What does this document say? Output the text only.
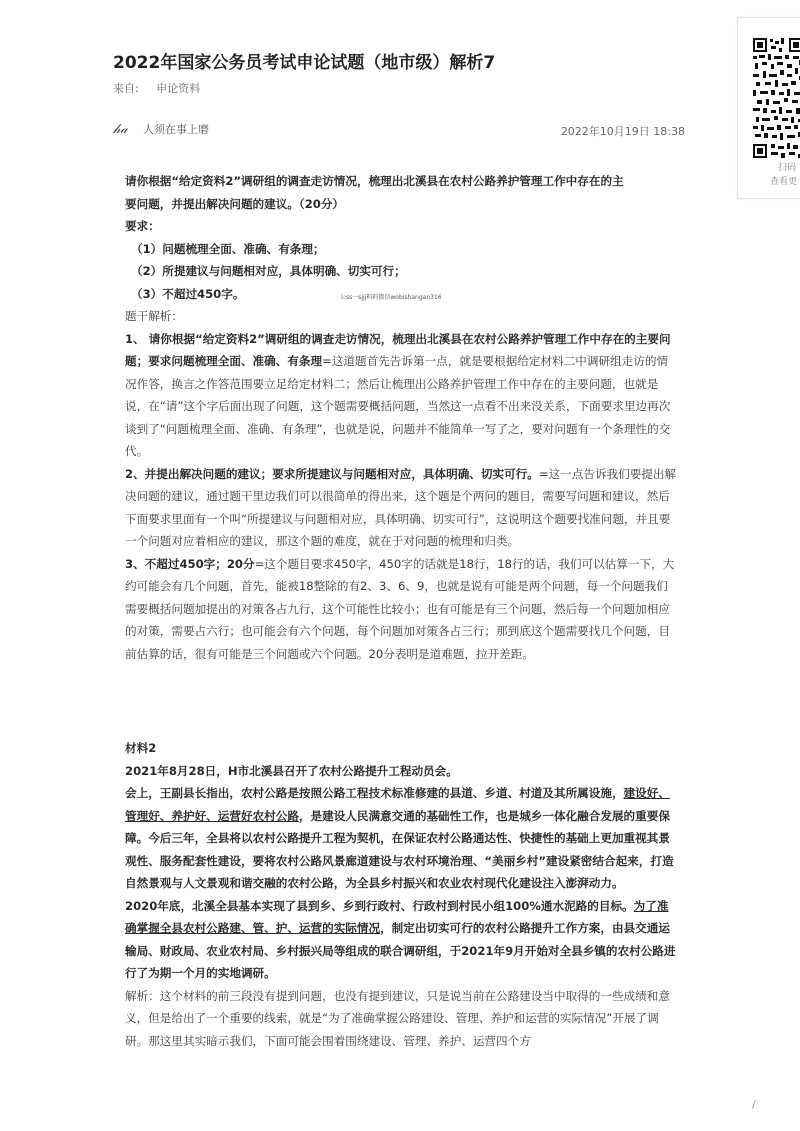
2022年国家公务员考试申论试题（地市级）解析7
来自: 申论资料
𝒽𝒶	人须在事上磨	2022年10月19日 18:38
扫码
查看更
公ss一sjjj料料微信wobishangan316

请你根据“给定资料2”调研组的调查走访情况，梳理出北溪县在农村公路养护管理工作中存在的主

要问题，并提出解决问题的建议。（20分）

要求：

（1）问题梳理全面、准确、有条理；

（2）所提建议与问题相对应，具体明确、切实可行；

（3）不超过450字。

题干解析：

1、 请你根据“给定资料2”调研组的调查走访情况，梳理出北溪县在农村公路养护管理工作中存在的主要问题；要求问题梳理全面、准确、有条理=这道题首先告诉第一点，就是要根据给定材料二中调研组走访的情况作答，换言之作答范围要立足给定材料二；然后让梳理出公路养护管理工作中存在的主要问题，也就是说，在“请”这个字后面出现了问题，这个题需要概括问题，当然这一点看不出来没关系，下面要求里边再次谈到了“问题梳理全面、准确、有条理”，也就是说，问题并不能简单一写了之，要对问题有一个条理性的交代。

2、并提出解决问题的建议；要求所提建议与问题相对应，具体明确、切实可行。=这一点告诉我们要提出解决问题的建议，通过题干里边我们可以很简单的得出来，这个题是个两问的题目，需要写问题和建议，然后下面要求里面有一个叫“所提建议与问题相对应，具体明确、切实可行”，这说明这个题要找准问题，并且要一个问题对应着相应的建议，那这个题的难度，就在于对问题的梳理和归类。

3、不超过450字；20分=这个题目要求450字，450字的话就是18行，18行的话，我们可以估算一下，大约可能会有几个问题，首先，能被18整除的有2、3、6、9，也就是说有可能是两个问题，每一个问题我们需要概括问题加提出的对策各占九行，这个可能性比较小；也有可能是有三个问题，然后每一个问题加相应的对策，需要占六行；也可能会有六个问题，每个问题加对策各占三行；那到底这个题需要找几个问题，目前估算的话，很有可能是三个问题或六个问题。20分表明是道难题，拉开差距。

材料2

2021年8月28日，H市北溪县召开了农村公路提升工程动员会。

会上，王副县长指出，农村公路是按照公路工程技术标准修建的县道、乡道、村道及其所属设施，建设好、管理好、养护好、运营好农村公路，是建设人民满意交通的基础性工作，也是城乡一体化融合发展的重要保障。今后三年，全县将以农村公路提升工程为契机，在保证农村公路通达性、快捷性的基础上更加重视其景观性、服务配套性建设，要将农村公路风景廊道建设与农村环境治理、“美丽乡村”建设紧密结合起来，打造自然景观与人文景观和谐交融的农村公路，为全县乡村振兴和农业农村现代化建设注入澎湃动力。

2020年底，北溪全县基本实现了县到乡、乡到行政村、行政村到村民小组100%通水泥路的目标。为了准确掌握全县农村公路建、管、护、运营的实际情况，制定出切实可行的农村公路提升工作方案，由县交通运输局、财政局、农业农村局、乡村振兴局等组成的联合调研组，于2021年9月开始对全县乡镇的农村公路进行了为期一个月的实地调研。

解析：这个材料的前三段没有提到问题，也没有提到建议，只是说当前在公路建设当中取得的一些成绩和意义，但是给出了一个重要的线索，就是“为了准确掌握公路建设、管理、养护和运营的实际情况”开展了调研。那这里其实暗示我们，下面可能会围着围绕建设、管理、养护、运营四个方

/
